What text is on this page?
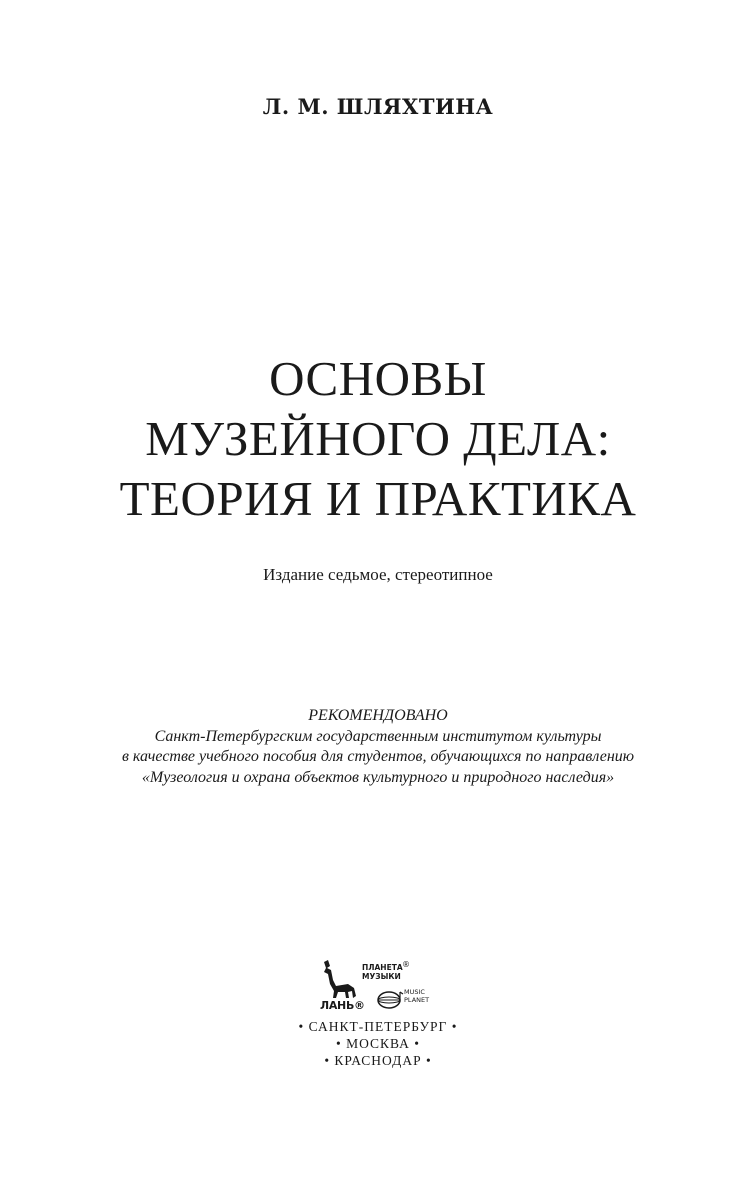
Л. М. ШЛЯХТИНА
ОСНОВЫ
МУЗЕЙНОГО ДЕЛА:
ТЕОРИЯ И ПРАКТИКА
Издание седьмое, стереотипное
РЕКОМЕНДОВАНО
Санкт-Петербургским государственным институтом культуры
в качестве учебного пособия для студентов, обучающихся по направлению
«Музеология и охрана объектов культурного и природного наследия»
ЛАНЬ®
ПЛАНЕТА
МУЗЫКИ
®
MUSIC
PLANET
• САНКТ-ПЕТЕРБУРГ •
• МОСКВА •
• КРАСНОДАР •
